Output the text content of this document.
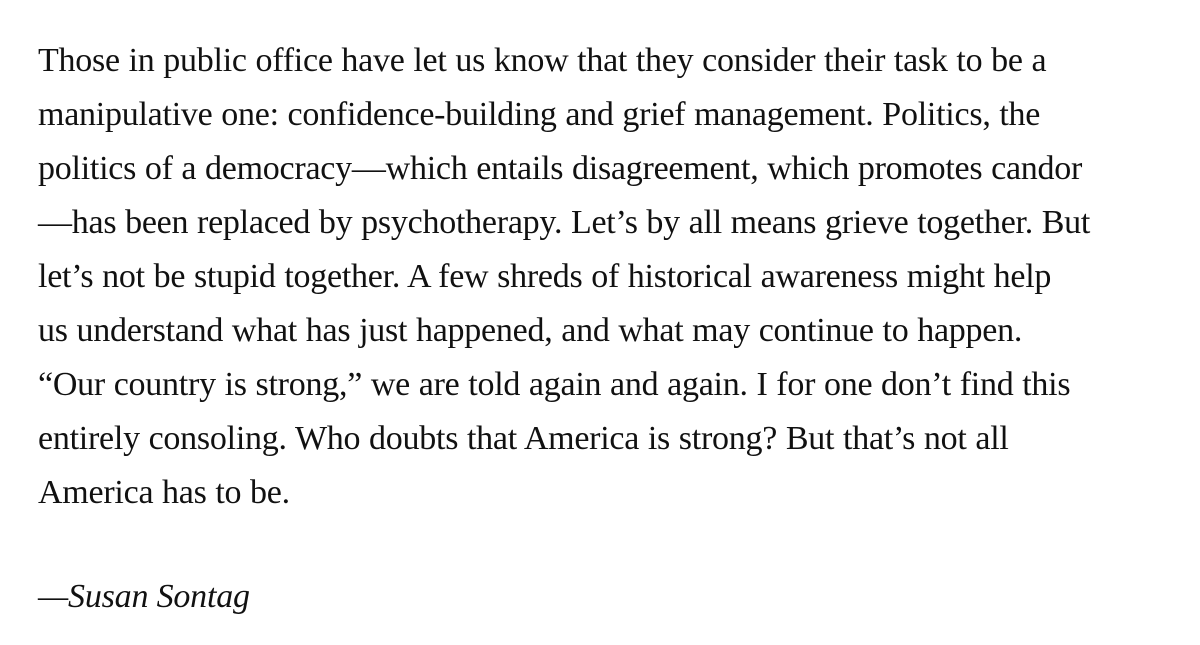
Those in public office have let us know that they consider their task to be a
manipulative one: confidence-building and grief management. Politics, the
politics of a democracy—which entails disagreement, which promotes candor
—has been replaced by psychotherapy. Let’s by all means grieve together. But
let’s not be stupid together. A few shreds of historical awareness might help
us understand what has just happened, and what may continue to happen.
“Our country is strong,” we are told again and again. I for one don’t find this
entirely consoling. Who doubts that America is strong? But that’s not all
America has to be.

—Susan Sontag
